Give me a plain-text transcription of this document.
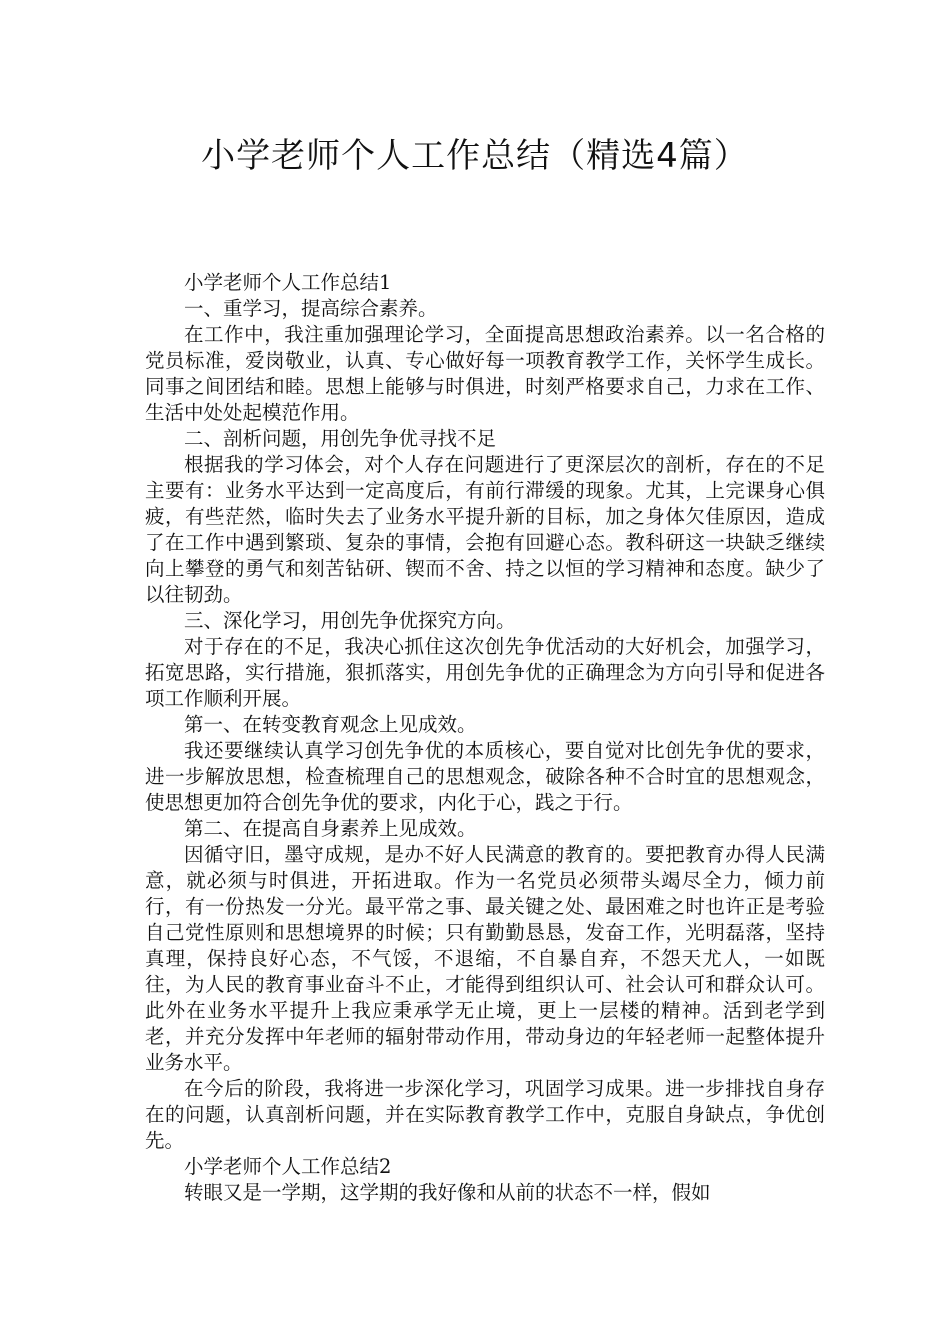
小学老师个人工作总结（精选4篇）

小学老师个人工作总结1

一、重学习，提高综合素养。

在工作中，我注重加强理论学习，全面提高思想政治素养。以一名合格的党员标准，爱岗敬业，认真、专心做好每一项教育教学工作，关怀学生成长。同事之间团结和睦。思想上能够与时俱进，时刻严格要求自己，力求在工作、生活中处处起模范作用。

二、剖析问题，用创先争优寻找不足

根据我的学习体会，对个人存在问题进行了更深层次的剖析，存在的不足主要有：业务水平达到一定高度后，有前行滞缓的现象。尤其，上完课身心俱疲，有些茫然，临时失去了业务水平提升新的目标，加之身体欠佳原因，造成了在工作中遇到繁琐、复杂的事情，会抱有回避心态。教科研这一块缺乏继续向上攀登的勇气和刻苦钻研、锲而不舍、持之以恒的学习精神和态度。缺少了以往韧劲。

三、深化学习，用创先争优探究方向。

对于存在的不足，我决心抓住这次创先争优活动的大好机会，加强学习，拓宽思路，实行措施，狠抓落实，用创先争优的正确理念为方向引导和促进各项工作顺利开展。

第一、在转变教育观念上见成效。

我还要继续认真学习创先争优的本质核心，要自觉对比创先争优的要求，进一步解放思想，检查梳理自己的思想观念，破除各种不合时宜的思想观念，使思想更加符合创先争优的要求，内化于心，践之于行。

第二、在提高自身素养上见成效。

因循守旧，墨守成规，是办不好人民满意的教育的。要把教育办得人民满意，就必须与时俱进，开拓进取。作为一名党员必须带头竭尽全力，倾力前行，有一份热发一分光。最平常之事、最关键之处、最困难之时也许正是考验自己党性原则和思想境界的时候；只有勤勤恳恳，发奋工作，光明磊落，坚持真理，保持良好心态，不气馁，不退缩，不自暴自弃，不怨天尤人，一如既往，为人民的教育事业奋斗不止，才能得到组织认可、社会认可和群众认可。此外在业务水平提升上我应秉承学无止境，更上一层楼的精神。活到老学到老，并充分发挥中年老师的辐射带动作用，带动身边的年轻老师一起整体提升业务水平。

在今后的阶段，我将进一步深化学习，巩固学习成果。进一步排找自身存在的问题，认真剖析问题，并在实际教育教学工作中，克服自身缺点，争优创先。

小学老师个人工作总结2

转眼又是一学期，这学期的我好像和从前的状态不一样，假如
